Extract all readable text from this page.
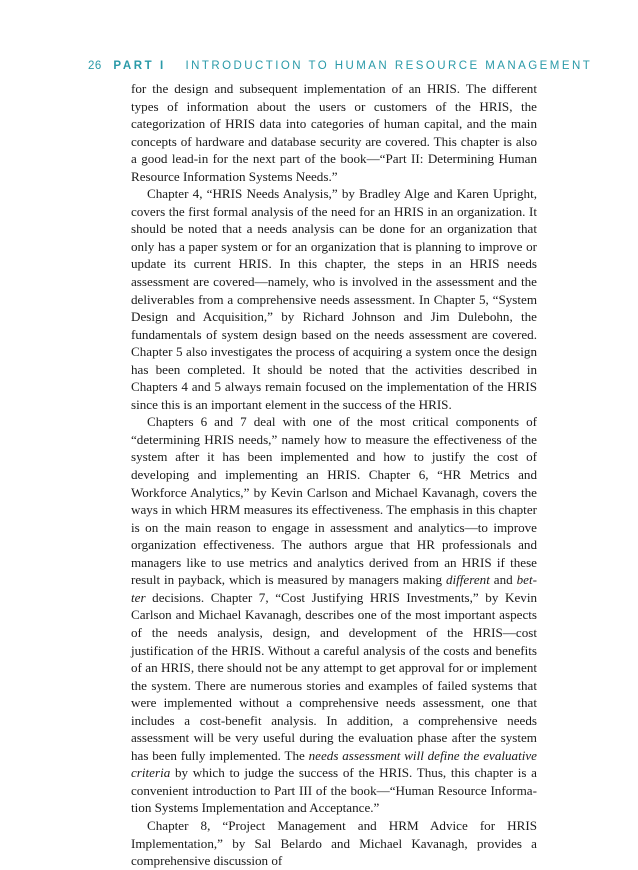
26 PART I INTRODUCTION TO HUMAN RESOURCE MANAGEMENT

for the design and subsequent implementation of an HRIS. The different types of information about the users or customers of the HRIS, the categorization of HRIS data into categories of human capital, and the main concepts of hardware and database security are covered. This chapter is also a good lead-in for the next part of the book—“Part II: Determining Human Resource Information Systems Needs.”

Chapter 4, “HRIS Needs Analysis,” by Bradley Alge and Karen Upright, covers the first formal analysis of the need for an HRIS in an organization. It should be noted that a needs analysis can be done for an organization that only has a paper system or for an organization that is planning to improve or update its current HRIS. In this chapter, the steps in an HRIS needs assessment are covered—namely, who is involved in the assessment and the deliverables from a comprehensive needs assessment. In Chapter 5, “System Design and Acquisition,” by Richard Johnson and Jim Dulebohn, the fundamentals of system design based on the needs assessment are covered. Chapter 5 also investigates the process of acquiring a system once the design has been completed. It should be noted that the activities described in Chapters 4 and 5 always remain focused on the implementation of the HRIS since this is an important element in the success of the HRIS.

Chapters 6 and 7 deal with one of the most critical components of “determining HRIS needs,” namely how to measure the effectiveness of the system after it has been implemented and how to justify the cost of developing and implementing an HRIS. Chapter 6, “HR Metrics and Workforce Analytics,” by Kevin Carlson and Michael Kavanagh, covers the ways in which HRM measures its effectiveness. The emphasis in this chapter is on the main reason to engage in assessment and analytics—to improve organization effectiveness. The authors argue that HR professionals and managers like to use metrics and analytics derived from an HRIS if these result in payback, which is measured by managers making different and better decisions. Chapter 7, “Cost Justifying HRIS Investments,” by Kevin Carlson and Michael Kavanagh, describes one of the most important aspects of the needs analysis, design, and development of the HRIS—cost justification of the HRIS. Without a careful analysis of the costs and benefits of an HRIS, there should not be any attempt to get approval for or implement the system. There are numerous stories and examples of failed systems that were implemented without a comprehensive needs assessment, one that includes a cost-benefit analysis. In addition, a comprehensive needs assessment will be very useful during the evaluation phase after the system has been fully implemented. The needs assessment will define the evaluative criteria by which to judge the success of the HRIS. Thus, this chapter is a convenient introduction to Part III of the book—“Human Resource Information Systems Implementation and Acceptance.”

Chapter 8, “Project Management and HRM Advice for HRIS Implementation,” by Sal Belardo and Michael Kavanagh, provides a comprehensive discussion of
